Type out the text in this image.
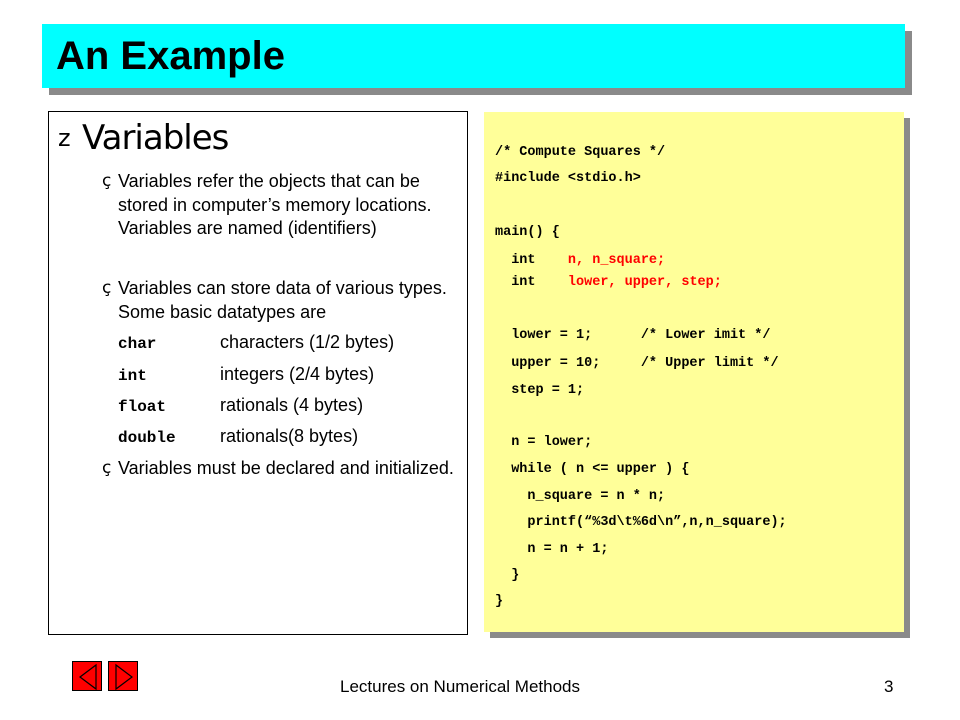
An Example
z Variables
ç Variables refer the objects that can be stored in computer’s memory locations. Variables are named (identifiers)
ç Variables can store data of various types. Some basic datatypes are
char	characters (1/2 bytes)
int	integers (2/4 bytes)
float	rationals (4 bytes)
double	rationals(8 bytes)
ç Variables must be declared and initialized.
/* Compute Squares */
#include <stdio.h>
main() {
int    n, n_square;
int    lower, upper, step;
lower = 1;      /* Lower imit */
upper = 10;     /* Upper limit */
step = 1;
n = lower;
while ( n <= upper ) {
n_square = n * n;
printf(“%3d\t%6d\n”,n,n_square);
n = n + 1;
}
}
Lectures on Numerical Methods	3
